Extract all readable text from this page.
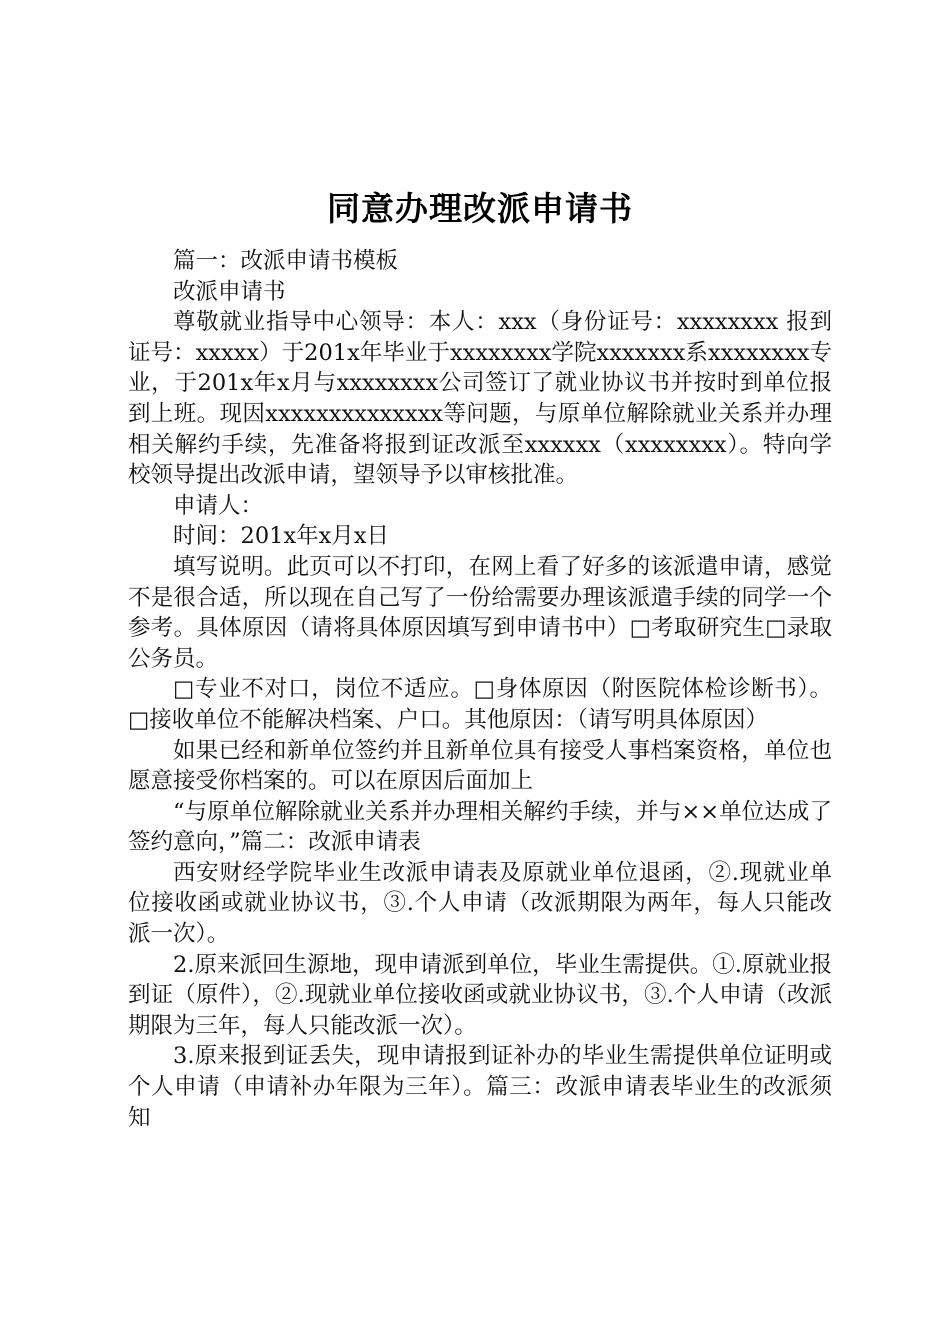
同意办理改派申请书

篇一：改派申请书模板

改派申请书

尊敬就业指导中心领导：本人：xxx（身份证号：xxxxxxxx 报到证号：xxxxx）于201x年毕业于xxxxxxxx学院xxxxxxx系xxxxxxxx专业，于201x年x月与xxxxxxxx公司签订了就业协议书并按时到单位报到上班。现因xxxxxxxxxxxxxx等问题，与原单位解除就业关系并办理相关解约手续，先准备将报到证改派至xxxxxx（xxxxxxxx）。特向学校领导提出改派申请，望领导予以审核批准。

申请人：

时间：201x年x月x日

填写说明。此页可以不打印，在网上看了好多的该派遣申请，感觉不是很合适，所以现在自己写了一份给需要办理该派遣手续的同学一个参考。具体原因（请将具体原因填写到申请书中）□考取研究生□录取公务员。

□专业不对口，岗位不适应。□身体原因（附医院体检诊断书）。□接收单位不能解决档案、户口。其他原因：（请写明具体原因）

如果已经和新单位签约并且新单位具有接受人事档案资格，单位也愿意接受你档案的。可以在原因后面加上

“与原单位解除就业关系并办理相关解约手续，并与××单位达成了签约意向，”篇二：改派申请表

西安财经学院毕业生改派申请表及原就业单位退函，②.现就业单位接收函或就业协议书，③.个人申请（改派期限为两年，每人只能改派一次）。

2.原来派回生源地，现申请派到单位，毕业生需提供。①.原就业报到证（原件），②.现就业单位接收函或就业协议书，③.个人申请（改派期限为三年，每人只能改派一次）。

3.原来报到证丢失，现申请报到证补办的毕业生需提供单位证明或个人申请（申请补办年限为三年）。篇三：改派申请表毕业生的改派须知
